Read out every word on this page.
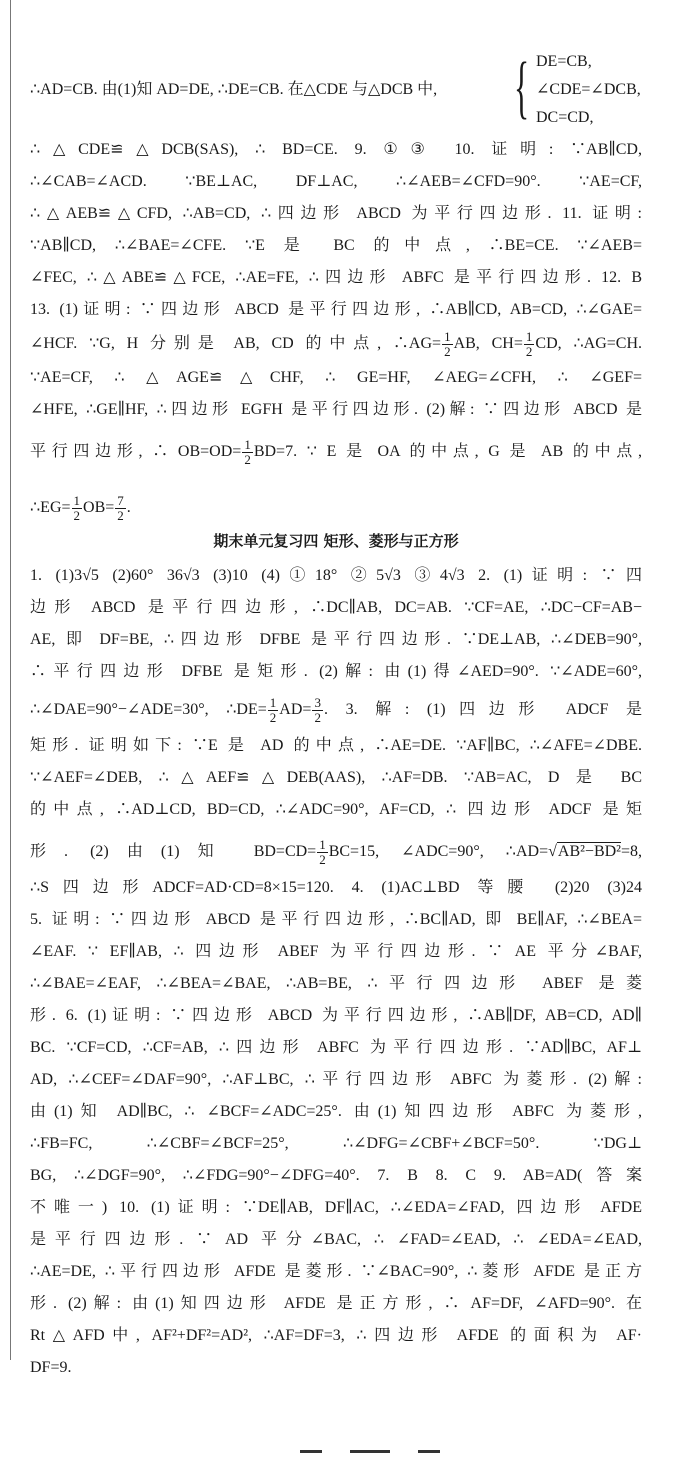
{ DE=CB,
∠CDE=∠DCB,
DC=CD,
∴AD=CB. 由(1)知 AD=DE, ∴DE=CB. 在△CDE 与△DCB 中,
∴△CDE≌△DCB(SAS), ∴ BD=CE. 9. ①③ 10. 证明: ∵AB∥CD,
∴∠CAB=∠ACD. ∵BE⊥AC, DF⊥AC, ∴∠AEB=∠CFD=90°. ∵AE=CF,
∴△AEB≌△CFD, ∴AB=CD, ∴四边形 ABCD 为平行四边形. 11. 证明:
∵AB∥CD, ∴∠BAE=∠CFE. ∵E 是 BC 的中点, ∴BE=CE. ∵∠AEB=
∠FEC, ∴△ABE≌△FCE, ∴AE=FE, ∴四边形 ABFC 是平行四边形. 12. B
13. (1)证明: ∵四边形 ABCD 是平行四边形, ∴AB∥CD, AB=CD, ∴∠GAE=
∠HCF. ∵G, H 分别是 AB, CD 的中点, ∴AG= $\frac{1}{2}$ AB, $CH= \frac{1}{2}$ CD, ∴AG=CH.
∵AE=CF, ∴ △AGE≌△CHF, ∴ GE=HF, ∠AEG=∠CFH, ∴ ∠GEF=
∠HFE, ∴GE∥HF, ∴四边形 EGFH 是平行四边形. (2)解: ∵四边形 ABCD 是
平行四边形, ∴ $OB=OD= \frac{1}{2} BD=7$. ∵ E 是 OA 的中点, G 是 AB 的中点,
∴EG= $\frac{1}{2} OB= \frac{7}{2}$ .
期末单元复习四 矩形、菱形与正方形
1. (1)3√5 (2)60° 36√3 (3)10 (4)①18° ②5√3 ③4√3 2. (1)证明: ∵四
边形 ABCD 是平行四边形, ∴DC∥AB, DC=AB. ∵CF=AE, ∴DC−CF=AB−
AE, 即 DF=BE, ∴四边形 DFBE 是平行四边形. ∵DE⊥AB, ∴∠DEB=90°,
∴平行四边形 DFBE 是矩形. (2)解: 由(1)得∠AED=90°. ∵∠ADE=60°,
∴∠DAE=90°−∠ADE=30°, ∴DE= $\frac{1}{2} AD= \frac{3}{2}$ . 3. 解: (1)四边形 ADCF 是
矩形. 证明如下: ∵E 是 AD 的中点, ∴AE=DE. ∵AF∥BC, ∴∠AFE=∠DBE.
∵∠AEF=∠DEB, ∴△AEF≌△DEB(AAS), ∴AF=DB. ∵AB=AC, D 是 BC
的中点, ∴AD⊥CD, BD=CD, ∴∠ADC=90°, AF=CD, ∴ 四边形 ADCF 是矩
形. (2)由(1)知 $BD=CD= \frac{1}{2} BC=15$, ∠ADC=90°, ∴AD=√AB²−BD²=8,
∴S四边形ADCF=AD·CD=8×15=120. 4. (1)AC⊥BD 等腰 (2)20 (3)24
5. 证明: ∵四边形 ABCD 是平行四边形, ∴BC∥AD, 即 BE∥AF, ∴∠BEA=
∠EAF. ∵ EF∥AB, ∴ 四边形 ABEF 为平行四边形. ∵ AE 平分∠BAF,
∴∠BAE=∠EAF, ∴∠BEA=∠BAE, ∴AB=BE, ∴平行四边形 ABEF 是菱
形. 6. (1)证明: ∵四边形 ABCD 为平行四边形, ∴AB∥DF, AB=CD, AD∥
BC. ∵CF=CD, ∴CF=AB, ∴四边形 ABFC 为平行四边形. ∵AD∥BC, AF⊥
AD, ∴∠CEF=∠DAF=90°, ∴AF⊥BC, ∴平行四边形 ABFC 为菱形. (2)解:
由(1)知 AD∥BC, ∴ ∠BCF=∠ADC=25°. 由(1)知四边形 ABFC 为菱形,
∴FB=FC, ∴∠CBF=∠BCF=25°, ∴∠DFG=∠CBF+∠BCF=50°. ∵DG⊥
BG, ∴∠DGF=90°, ∴∠FDG=90°−∠DFG=40°. 7. B 8. C 9. AB=AD(答案
不唯一) 10. (1)证明: ∵DE∥AB, DF∥AC, ∴∠EDA=∠FAD, 四边形 AFDE
是平行四边形. ∵ AD 平分∠BAC, ∴ ∠FAD=∠EAD, ∴ ∠EDA=∠EAD,
∴AE=DE, ∴平行四边形 AFDE 是菱形. ∵∠BAC=90°, ∴菱形 AFDE 是正方
形. (2)解: 由(1)知四边形 AFDE 是正方形, ∴ AF=DF, ∠AFD=90°. 在
Rt△AFD中, AF²+DF²=AD², ∴AF=DF=3, ∴四边形 AFDE 的面积为 AF·
DF=9.
